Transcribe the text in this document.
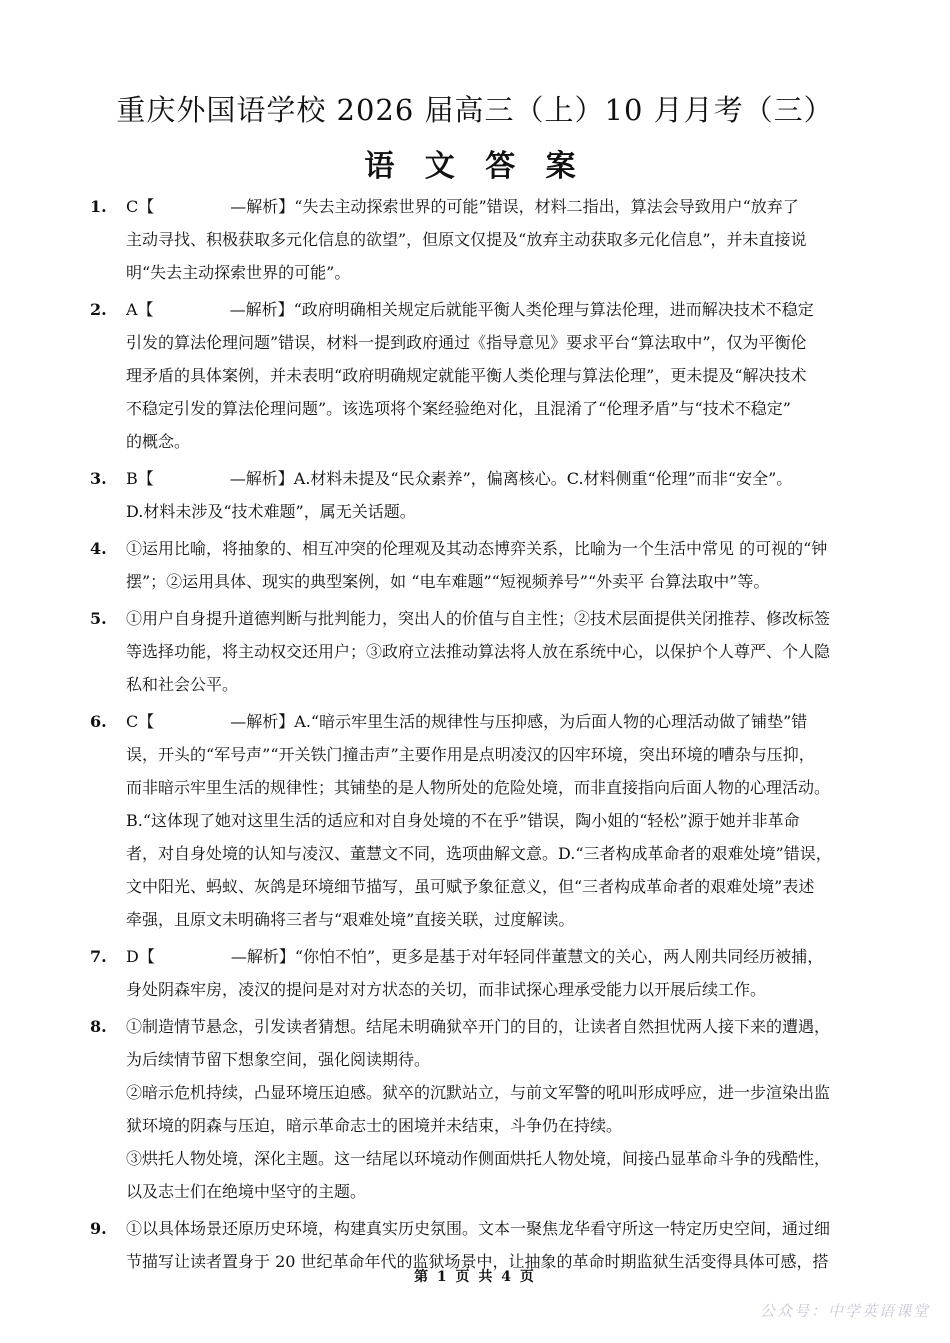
重庆外国语学校 2026 届高三（上）10 月月考（三）
语 文 答 案
1.	C【	—解析】“失去主动探索世界的可能”错误，材料二指出，算法会导致用户“放弃了
主动寻找、积极获取多元化信息的欲望”，但原文仅提及“放弃主动获取多元化信息”，并未直接说
明“失去主动探索世界的可能”。
2.	A【	—解析】“政府明确相关规定后就能平衡人类伦理与算法伦理，进而解决技术不稳定
引发的算法伦理问题”错误，材料一提到政府通过《指导意见》要求平台“算法取中”，仅为平衡伦
理矛盾的具体案例，并未表明“政府明确规定就能平衡人类伦理与算法伦理”，更未提及“解决技术
不稳定引发的算法伦理问题”。该选项将个案经验绝对化，且混淆了“伦理矛盾”与“技术不稳定”
的概念。
3.	B【	—解析】A.材料未提及“民众素养”，偏离核心。C.材料侧重“伦理”而非“安全”。
D.材料未涉及“技术难题”，属无关话题。
4.	①运用比喻，将抽象的、相互冲突的伦理观及其动态博弈关系，比喻为一个生活中常见 的可视的“钟
摆”；②运用具体、现实的典型案例，如 “电车难题”“短视频养号”“外卖平 台算法取中”等。
5.	①用户自身提升道德判断与批判能力，突出人的价值与自主性；②技术层面提供关闭推荐、修改标签
等选择功能，将主动权交还用户；③政府立法推动算法将人放在系统中心，以保护个人尊严、个人隐
私和社会公平。
6.	C【	—解析】A.“暗示牢里生活的规律性与压抑感，为后面人物的心理活动做了铺垫”错
误，开头的“军号声”“开关铁门撞击声”主要作用是点明凌汉的囚牢环境，突出环境的嘈杂与压抑，
而非暗示牢里生活的规律性；其铺垫的是人物所处的危险处境，而非直接指向后面人物的心理活动。
B.“这体现了她对这里生活的适应和对自身处境的不在乎”错误，陶小姐的“轻松”源于她并非革命
者，对自身处境的认知与凌汉、董慧文不同，选项曲解文意。D.“三者构成革命者的艰难处境”错误，
文中阳光、蚂蚁、灰鸽是环境细节描写，虽可赋予象征意义，但“三者构成革命者的艰难处境”表述
牵强，且原文未明确将三者与“艰难处境”直接关联，过度解读。
7.	D【	—解析】“你怕不怕”，更多是基于对年轻同伴董慧文的关心，两人刚共同经历被捕，
身处阴森牢房，凌汉的提问是对对方状态的关切，而非试探心理承受能力以开展后续工作。
8.	①制造情节悬念，引发读者猜想。结尾未明确狱卒开门的目的，让读者自然担忧两人接下来的遭遇，
为后续情节留下想象空间，强化阅读期待。
②暗示危机持续，凸显环境压迫感。狱卒的沉默站立，与前文军警的吼叫形成呼应，进一步渲染出监
狱环境的阴森与压迫，暗示革命志士的困境并未结束，斗争仍在持续。
③烘托人物处境，深化主题。这一结尾以环境动作侧面烘托人物处境，间接凸显革命斗争的残酷性，
以及志士们在绝境中坚守的主题。
9.	①以具体场景还原历史环境，构建真实历史氛围。文本一聚焦龙华看守所这一特定历史空间，通过细
节描写让读者置身于 20 世纪革命年代的监狱场景中，让抽象的革命时期监狱生活变得具体可感，搭
第 1 页 共 4 页
公众号：中学英语课堂
